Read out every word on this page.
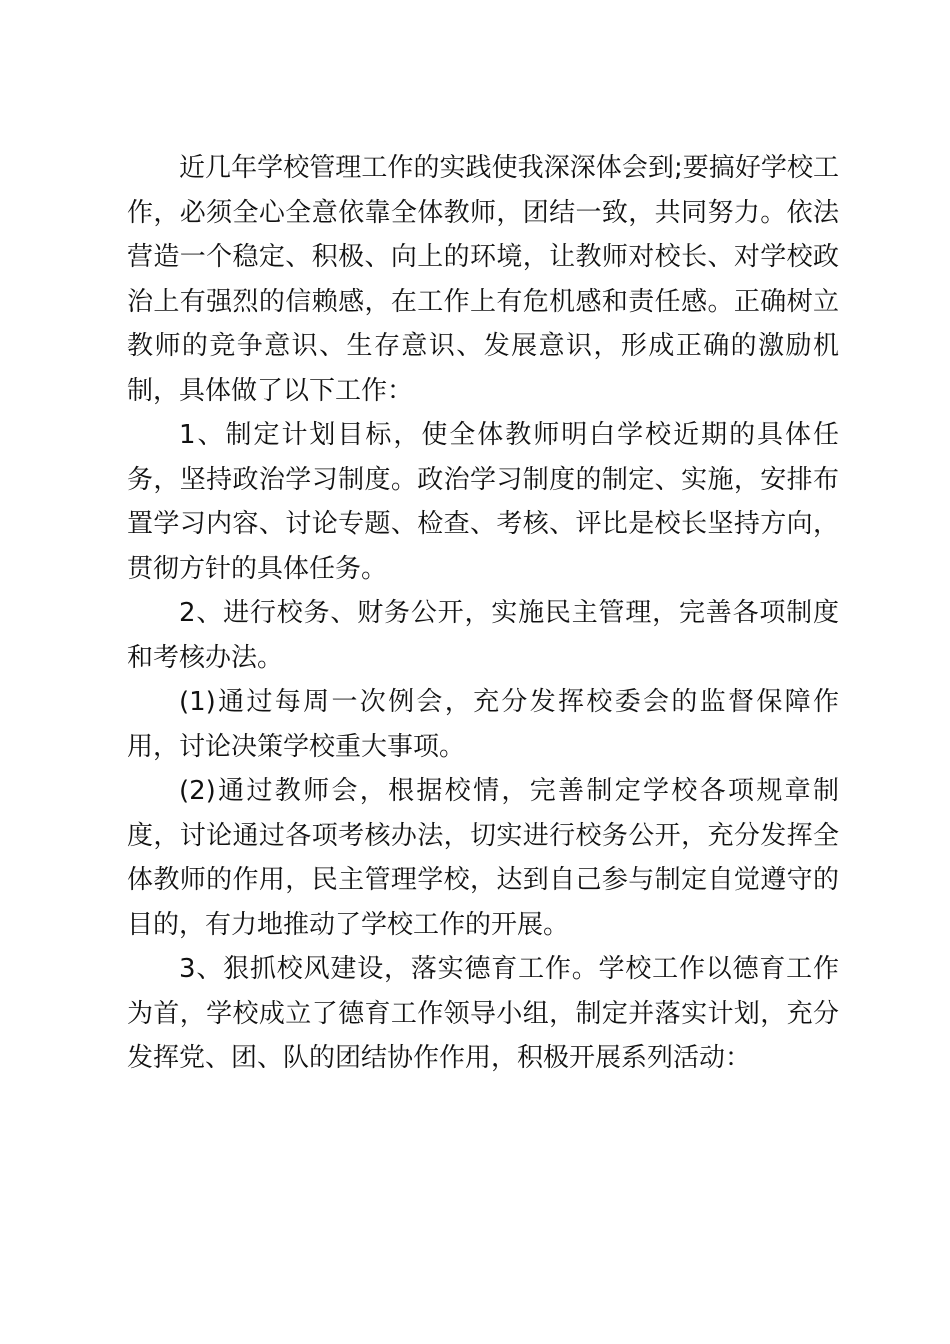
近几年学校管理工作的实践使我深深体会到;要搞好学校工作，必须全心全意依靠全体教师，团结一致，共同努力。依法营造一个稳定、积极、向上的环境，让教师对校长、对学校政治上有强烈的信赖感，在工作上有危机感和责任感。正确树立教师的竞争意识、生存意识、发展意识，形成正确的激励机制，具体做了以下工作：

1、制定计划目标，使全体教师明白学校近期的具体任务，坚持政治学习制度。政治学习制度的制定、实施，安排布置学习内容、讨论专题、检查、考核、评比是校长坚持方向，贯彻方针的具体任务。

2、进行校务、财务公开，实施民主管理，完善各项制度和考核办法。

(1)通过每周一次例会，充分发挥校委会的监督保障作用，讨论决策学校重大事项。

(2)通过教师会，根据校情，完善制定学校各项规章制度，讨论通过各项考核办法，切实进行校务公开，充分发挥全体教师的作用，民主管理学校，达到自己参与制定自觉遵守的目的，有力地推动了学校工作的开展。

3、狠抓校风建设，落实德育工作。学校工作以德育工作为首，学校成立了德育工作领导小组，制定并落实计划，充分发挥党、团、队的团结协作作用，积极开展系列活动：
